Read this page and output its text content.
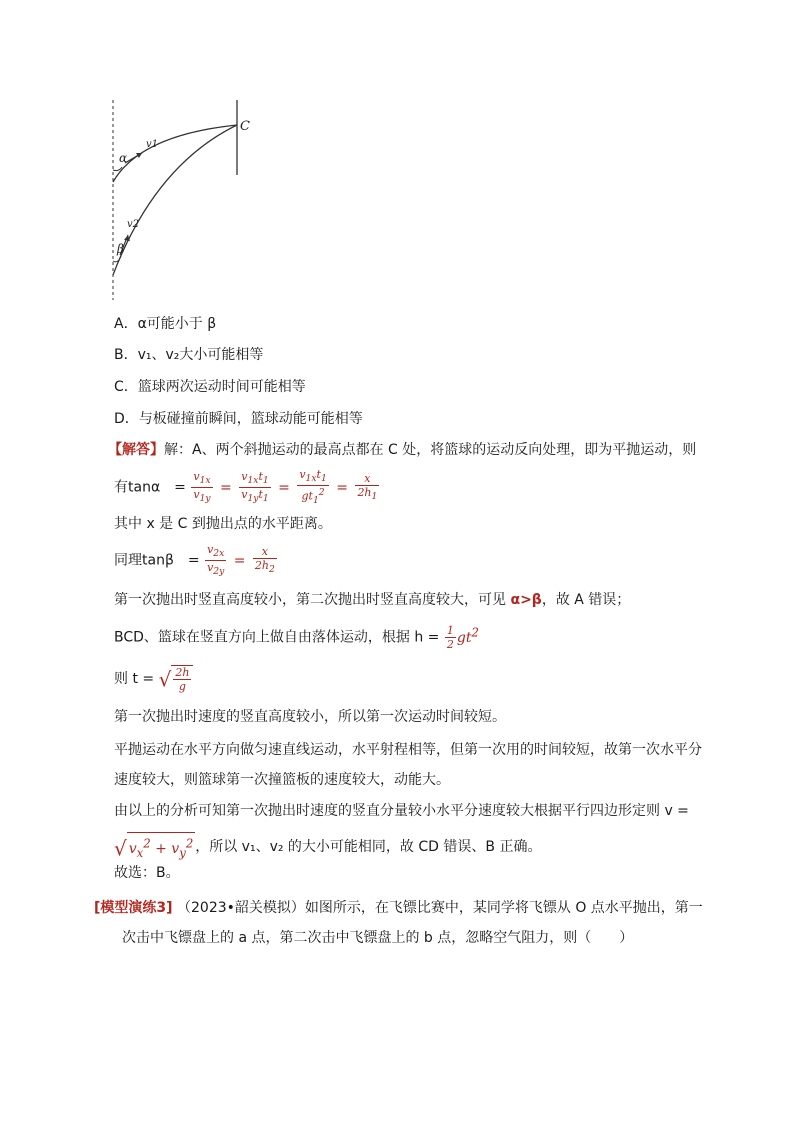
C
α
β
v1
v2
A．α可能小于 β
B．v₁、v₂大小可能相等
C．篮球两次运动时间可能相等
D．与板碰撞前瞬间，篮球动能可能相等
【解答】解：A、两个斜抛运动的最高点都在 C 处，将篮球的运动反向处理，即为平抛运动，则
有tanα　= $\frac{v_{1x}}{v_{1y}} = \frac{v_{1x}t_1}{v_{1y}t_1} = \frac{v_{1x}t_1}{gt_1^2} = \frac{x}{2h_1}$
其中 x 是 C 到抛出点的水平距离。
同理tanβ　= $\frac{v_{2x}}{v_{2y}} = \frac{x}{2h_2}$
第一次抛出时竖直高度较小，第二次抛出时竖直高度较大，可见 α>β，故 A 错误；
BCD、篮球在竖直方向上做自由落体运动，根据 $h = \frac{1}{2} gt^2$
则 t = √ $\frac{2h}{g}$
第一次抛出时速度的竖直高度较小，所以第一次运动时间较短。
平抛运动在水平方向做匀速直线运动，水平射程相等，但第一次用的时间较短，故第一次水平分
速度较大，则篮球第一次撞篮板的速度较大，动能大。
由以上的分析可知第一次抛出时速度的竖直分量较小水平分速度较大根据平行四边形定则 v =
√ $v_x^2 + v_y^2$ ，所以 v₁、v₂ 的大小可能相同，故 CD 错误、B 正确。
故选：B。
[模型演练3] （2023•韶关模拟）如图所示，在飞镖比赛中，某同学将飞镖从 O 点水平抛出，第一
次击中飞镖盘上的 a 点，第二次击中飞镖盘上的 b 点，忽略空气阻力，则（　　）
